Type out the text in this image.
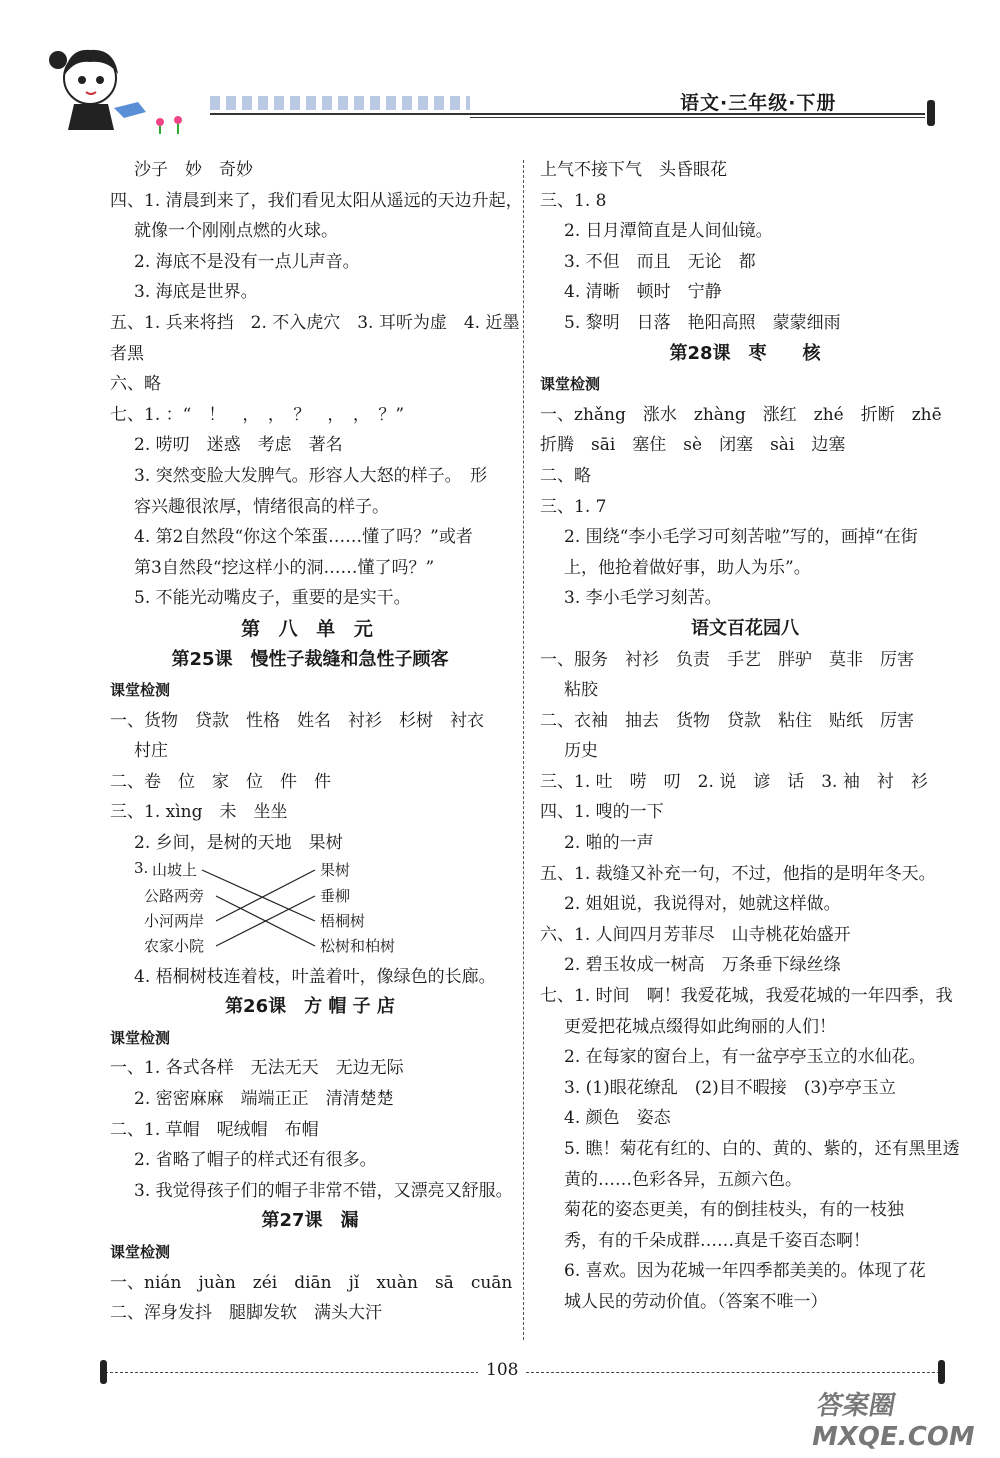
语文·三年级·下册
沙子　妙　奇妙
四、1. 清晨到来了，我们看见太阳从遥远的天边升起，
就像一个刚刚点燃的火球。
2. 海底不是没有一点儿声音。
3. 海底是世界。
五、1. 兵来将挡　2. 不入虎穴　3. 耳听为虚　4. 近墨
者黑
六、略
七、1. ：“　！　，　，　？　，　，　？”
2. 唠叨　迷惑　考虑　著名
3. 突然变脸大发脾气。形容人大怒的样子。　形
容兴趣很浓厚，情绪很高的样子。
4. 第2自然段“你这个笨蛋……懂了吗？”或者
第3自然段“挖这样小的洞……懂了吗？”
5. 不能光动嘴皮子，重要的是实干。
第 八 单 元
第25课　慢性子裁缝和急性子顾客
课堂检测
一、货物　贷款　性格　姓名　衬衫　杉树　衬衣
村庄
二、卷　位　家　位　件　件
三、1. xìng　未　坐坐
2. 乡间，是树的天地　果树
3. 山坡上
公路两旁
小河两岸
农家小院
果树
垂柳
梧桐树
松树和柏树
4. 梧桐树枝连着枝，叶盖着叶，像绿色的长廊。
第26课　方 帽 子 店
课堂检测
一、1. 各式各样　无法无天　无边无际
2. 密密麻麻　端端正正　清清楚楚
二、1. 草帽　呢绒帽　布帽
2. 省略了帽子的样式还有很多。
3. 我觉得孩子们的帽子非常不错，又漂亮又舒服。
第27课　漏
课堂检测
一、nián　juàn　zéi　diān　jǐ　xuàn　sā　cuān
二、浑身发抖　腿脚发软　满头大汗
上气不接下气　头昏眼花
三、1. 8
2. 日月潭简直是人间仙镜。
3. 不但　而且　无论　都
4. 清晰　顿时　宁静
5. 黎明　日落　艳阳高照　蒙蒙细雨
第28课　枣　　核
课堂检测
一、zhǎng　涨水　zhàng　涨红　zhé　折断　zhē
折腾　sāi　塞住　sè　闭塞　sài　边塞
二、略
三、1. 7
2. 围绕“李小毛学习可刻苦啦”写的，画掉“在街
上，他抢着做好事，助人为乐”。
3. 李小毛学习刻苦。
语文百花园八
一、服务　衬衫　负责　手艺　胖驴　莫非　厉害
粘胶
二、衣袖　抽去　货物　贷款　粘住　贴纸　厉害
历史
三、1. 吐　唠　叨　2. 说　谚　话　3. 袖　衬　衫
四、1. 嗖的一下
2. 啪的一声
五、1. 裁缝又补充一句，不过，他指的是明年冬天。
2. 姐姐说，我说得对，她就这样做。
六、1. 人间四月芳菲尽　山寺桃花始盛开
2. 碧玉妆成一树高　万条垂下绿丝绦
七、1. 时间　啊！我爱花城，我爱花城的一年四季，我
更爱把花城点缀得如此绚丽的人们！
2. 在每家的窗台上，有一盆亭亭玉立的水仙花。
3. (1)眼花缭乱　(2)目不暇接　(3)亭亭玉立
4. 颜色　姿态
5. 瞧！菊花有红的、白的、黄的、紫的，还有黑里透
黄的……色彩各异，五颜六色。
菊花的姿态更美，有的倒挂枝头，有的一枝独
秀，有的千朵成群……真是千姿百态啊！
6. 喜欢。因为花城一年四季都美美的。体现了花
城人民的劳动价值。（答案不唯一）
108
答案圈 MXQE.COM
